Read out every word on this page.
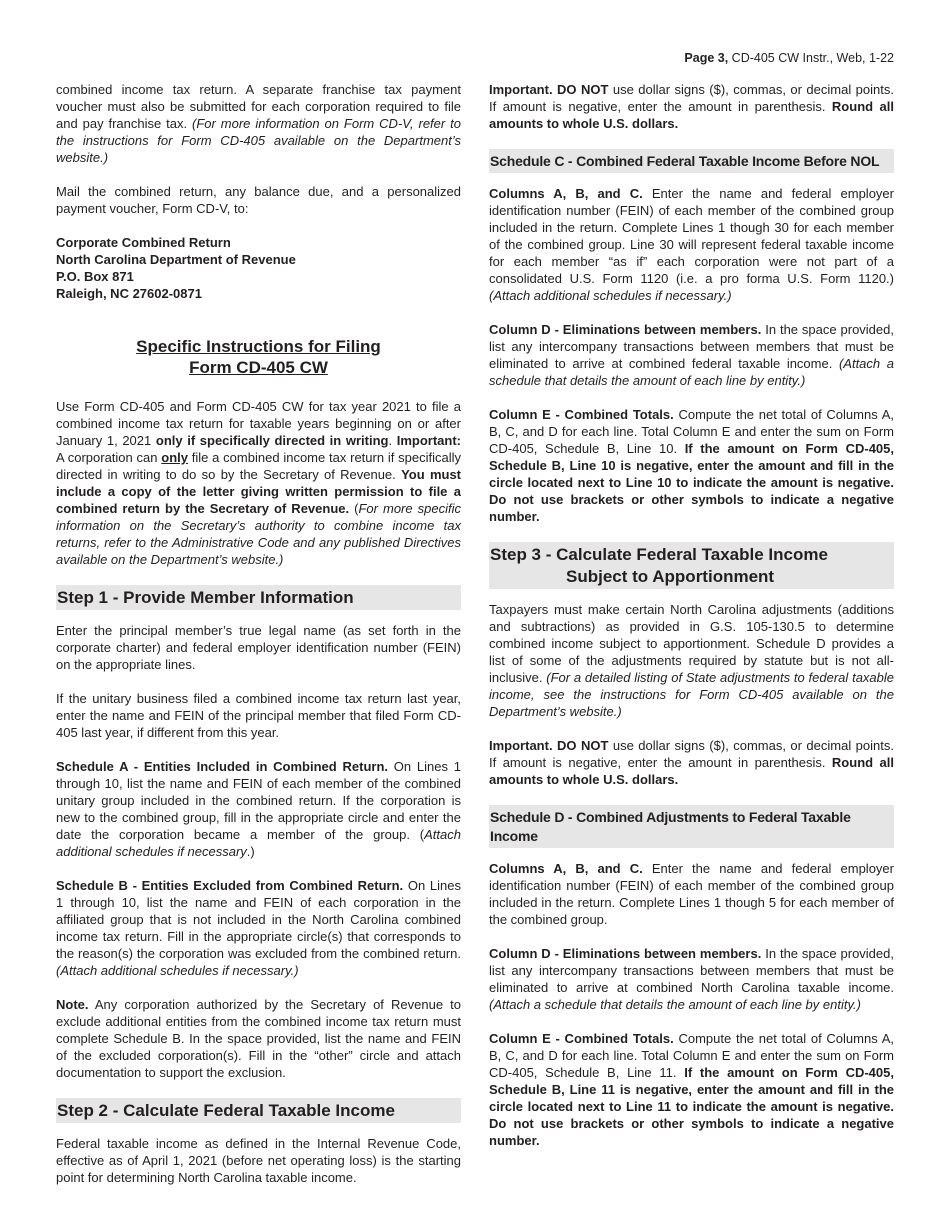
Page 3, CD-405 CW Instr., Web, 1-22

combined income tax return. A separate franchise tax payment voucher must also be submitted for each corporation required to file and pay franchise tax. (For more information on Form CD-V, refer to the instructions for Form CD-405 available on the Department’s website.)

Mail the combined return, any balance due, and a personalized payment voucher, Form CD-V, to:

Corporate Combined Return
North Carolina Department of Revenue
P.O. Box 871
Raleigh, NC 27602-0871
Specific Instructions for Filing
Form CD-405 CW

Use Form CD-405 and Form CD-405 CW for tax year 2021 to file a combined income tax return for taxable years beginning on or after January 1, 2021 only if specifically directed in writing. Important: A corporation can only file a combined income tax return if specifically directed in writing to do so by the Secretary of Revenue. You must include a copy of the letter giving written permission to file a combined return by the Secretary of Revenue. (For more specific information on the Secretary’s authority to combine income tax returns, refer to the Administrative Code and any published Directives available on the Department’s website.)

Step 1 - Provide Member Information

Enter the principal member’s true legal name (as set forth in the corporate charter) and federal employer identification number (FEIN) on the appropriate lines.

If the unitary business filed a combined income tax return last year, enter the name and FEIN of the principal member that filed Form CD-405 last year, if different from this year.

Schedule A - Entities Included in Combined Return. On Lines 1 through 10, list the name and FEIN of each member of the combined unitary group included in the combined return. If the corporation is new to the combined group, fill in the appropriate circle and enter the date the corporation became a member of the group. (Attach additional schedules if necessary.)

Schedule B - Entities Excluded from Combined Return. On Lines 1 through 10, list the name and FEIN of each corporation in the affiliated group that is not included in the North Carolina combined income tax return. Fill in the appropriate circle(s) that corresponds to the reason(s) the corporation was excluded from the combined return. (Attach additional schedules if necessary.)

Note. Any corporation authorized by the Secretary of Revenue to exclude additional entities from the combined income tax return must complete Schedule B. In the space provided, list the name and FEIN of the excluded corporation(s). Fill in the “other” circle and attach documentation to support the exclusion.

Step 2 - Calculate Federal Taxable Income

Federal taxable income as defined in the Internal Revenue Code, effective as of April 1, 2021 (before net operating loss) is the starting point for determining North Carolina taxable income.

Important. DO NOT use dollar signs ($), commas, or decimal points. If amount is negative, enter the amount in parenthesis. Round all amounts to whole U.S. dollars.

Schedule C - Combined Federal Taxable Income Before NOL

Columns A, B, and C. Enter the name and federal employer identification number (FEIN) of each member of the combined group included in the return. Complete Lines 1 though 30 for each member of the combined group. Line 30 will represent federal taxable income for each member “as if” each corporation were not part of a consolidated U.S. Form 1120 (i.e. a pro forma U.S. Form 1120.) (Attach additional schedules if necessary.)

Column D - Eliminations between members. In the space provided, list any intercompany transactions between members that must be eliminated to arrive at combined federal taxable income. (Attach a schedule that details the amount of each line by entity.)

Column E - Combined Totals. Compute the net total of Columns A, B, C, and D for each line. Total Column E and enter the sum on Form CD-405, Schedule B, Line 10. If the amount on Form CD-405, Schedule B, Line 10 is negative, enter the amount and fill in the circle located next to Line 10 to indicate the amount is negative. Do not use brackets or other symbols to indicate a negative number.

Step 3 - Calculate Federal Taxable Income
Subject to Apportionment

Taxpayers must make certain North Carolina adjustments (additions and subtractions) as provided in G.S. 105-130.5 to determine combined income subject to apportionment. Schedule D provides a list of some of the adjustments required by statute but is not all-inclusive. (For a detailed listing of State adjustments to federal taxable income, see the instructions for Form CD-405 available on the Department’s website.)

Important. DO NOT use dollar signs ($), commas, or decimal points. If amount is negative, enter the amount in parenthesis. Round all amounts to whole U.S. dollars.

Schedule D - Combined Adjustments to Federal Taxable Income

Columns A, B, and C. Enter the name and federal employer identification number (FEIN) of each member of the combined group included in the return. Complete Lines 1 though 5 for each member of the combined group.

Column D - Eliminations between members. In the space provided, list any intercompany transactions between members that must be eliminated to arrive at combined North Carolina taxable income. (Attach a schedule that details the amount of each line by entity.)

Column E - Combined Totals. Compute the net total of Columns A, B, C, and D for each line. Total Column E and enter the sum on Form CD-405, Schedule B, Line 11. If the amount on Form CD-405, Schedule B, Line 11 is negative, enter the amount and fill in the circle located next to Line 11 to indicate the amount is negative. Do not use brackets or other symbols to indicate a negative number.
